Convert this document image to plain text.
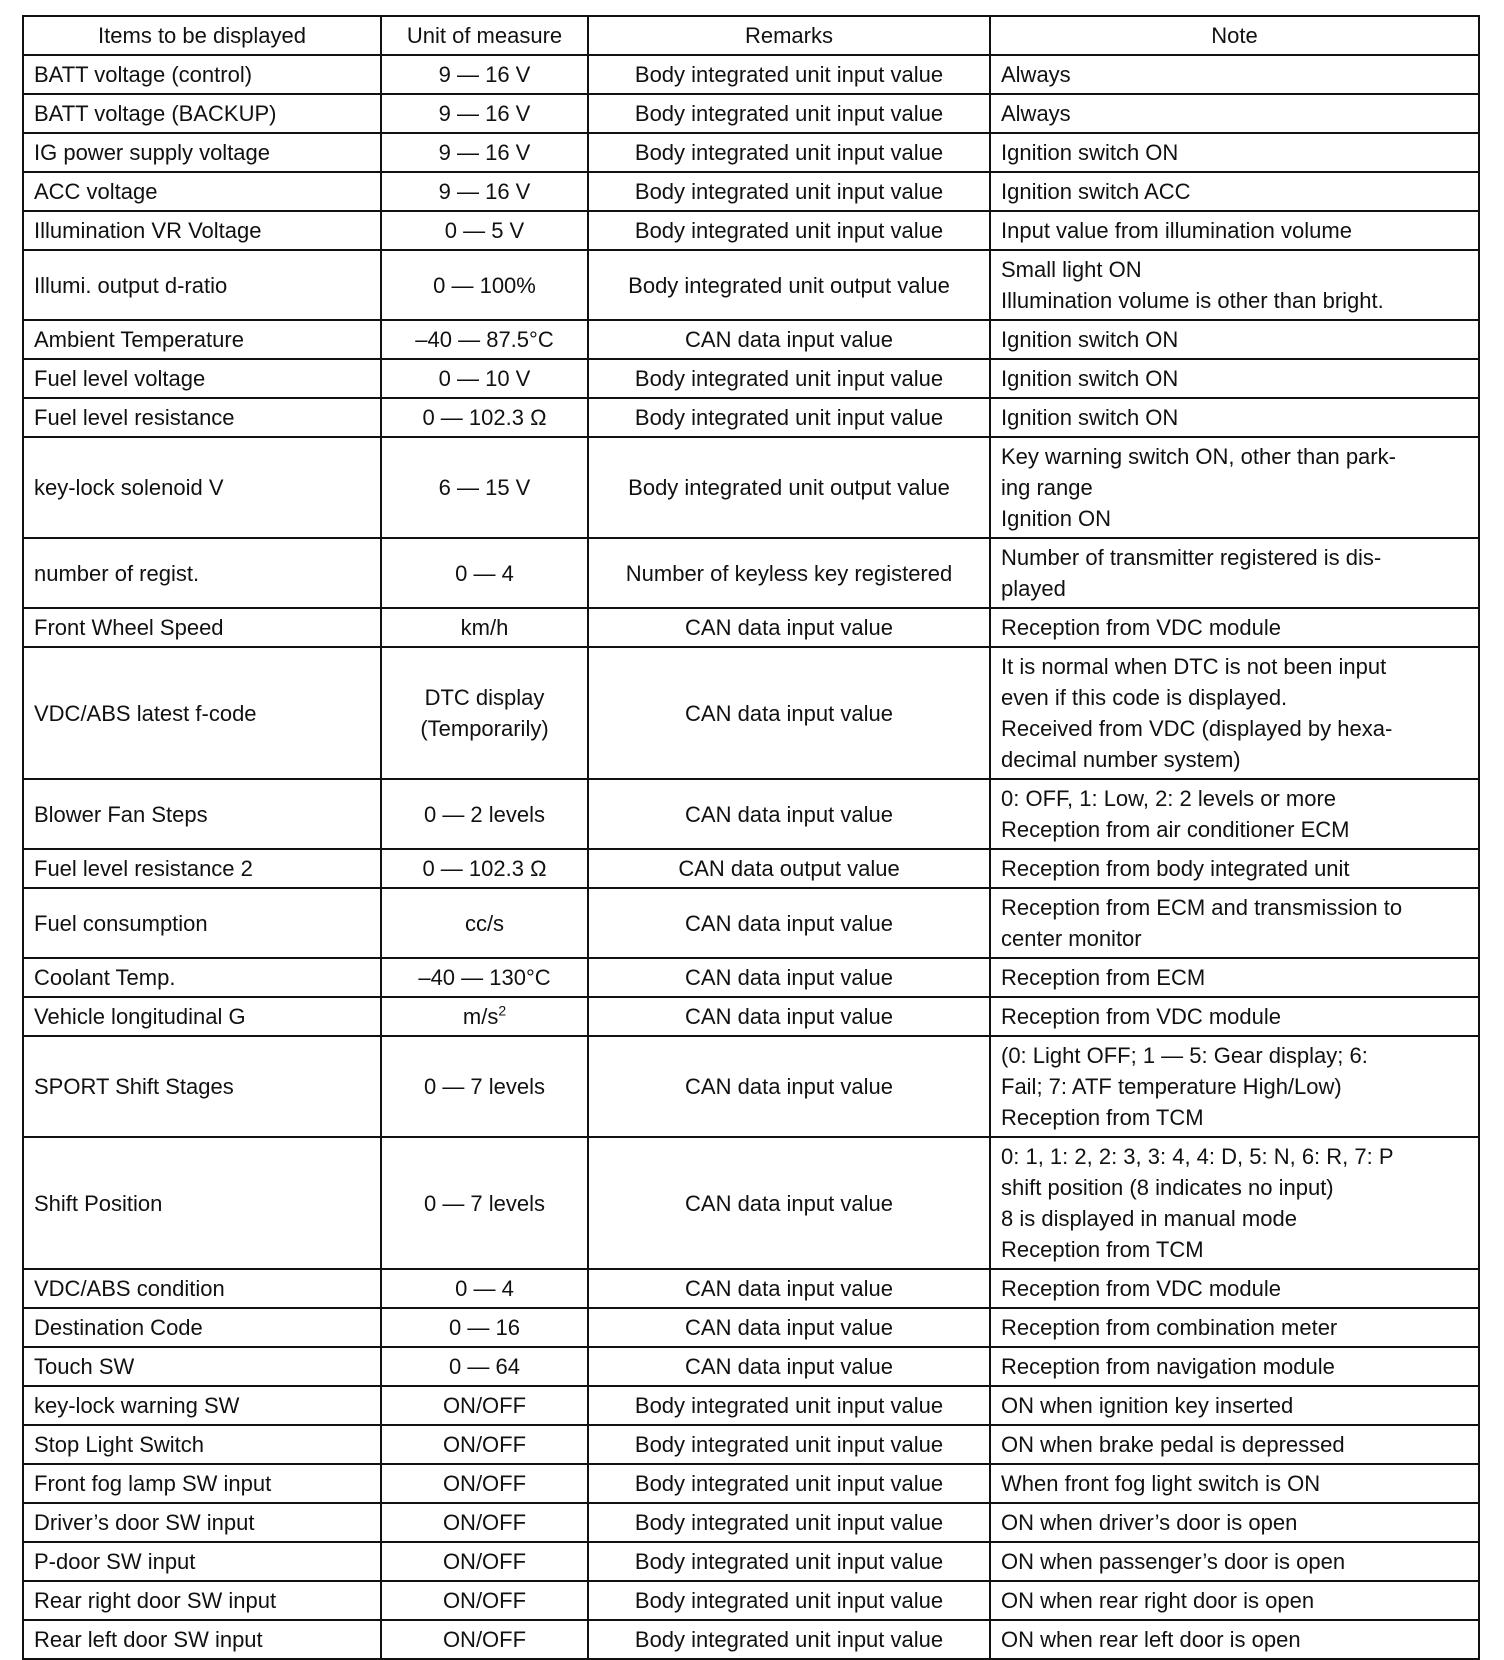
Items to be displayed	Unit of measure	Remarks	Note
BATT voltage (control)	9 — 16 V	Body integrated unit input value	Always

BATT voltage (BACKUP)	9 — 16 V	Body integrated unit input value	Always

IG power supply voltage	9 — 16 V	Body integrated unit input value	Ignition switch ON

ACC voltage	9 — 16 V	Body integrated unit input value	Ignition switch ACC

Illumination VR Voltage	0 — 5 V	Body integrated unit input value	Input value from illumination volume

Illumi. output d-ratio	0 — 100%	Body integrated unit output value	Small light ON
Illumination volume is other than bright.

Ambient Temperature	–40 — 87.5°C	CAN data input value	Ignition switch ON

Fuel level voltage	0 — 10 V	Body integrated unit input value	Ignition switch ON

Fuel level resistance	0 — 102.3 Ω	Body integrated unit input value	Ignition switch ON

key-lock solenoid V	6 — 15 V	Body integrated unit output value	Key warning switch ON, other than park-
ing range
Ignition ON

number of regist.	0 — 4	Number of keyless key registered	Number of transmitter registered is dis-
played

Front Wheel Speed	km/h	CAN data input value	Reception from VDC module

VDC/ABS latest f-code	DTC display
(Temporarily)	CAN data input value	It is normal when DTC is not been input
even if this code is displayed.
Received from VDC (displayed by hexa-
decimal number system)

Blower Fan Steps	0 — 2 levels	CAN data input value	0: OFF, 1: Low, 2: 2 levels or more
Reception from air conditioner ECM

Fuel level resistance 2	0 — 102.3 Ω	CAN data output value	Reception from body integrated unit

Fuel consumption	cc/s	CAN data input value	Reception from ECM and transmission to
center monitor

Coolant Temp.	–40 — 130°C	CAN data input value	Reception from ECM

Vehicle longitudinal G	$m/s^2$	CAN data input value	Reception from VDC module

SPORT Shift Stages	0 — 7 levels	CAN data input value	(0: Light OFF; 1 — 5: Gear display; 6:
Fail; 7: ATF temperature High/Low)
Reception from TCM

Shift Position	0 — 7 levels	CAN data input value	0: 1, 1: 2, 2: 3, 3: 4, 4: D, 5: N, 6: R, 7: P
shift position (8 indicates no input)
8 is displayed in manual mode
Reception from TCM

VDC/ABS condition	0 — 4	CAN data input value	Reception from VDC module

Destination Code	0 — 16	CAN data input value	Reception from combination meter

Touch SW	0 — 64	CAN data input value	Reception from navigation module

key-lock warning SW	ON/OFF	Body integrated unit input value	ON when ignition key inserted

Stop Light Switch	ON/OFF	Body integrated unit input value	ON when brake pedal is depressed

Front fog lamp SW input	ON/OFF	Body integrated unit input value	When front fog light switch is ON

Driver’s door SW input	ON/OFF	Body integrated unit input value	ON when driver’s door is open

P-door SW input	ON/OFF	Body integrated unit input value	ON when passenger’s door is open

Rear right door SW input	ON/OFF	Body integrated unit input value	ON when rear right door is open

Rear left door SW input	ON/OFF	Body integrated unit input value	ON when rear left door is open
